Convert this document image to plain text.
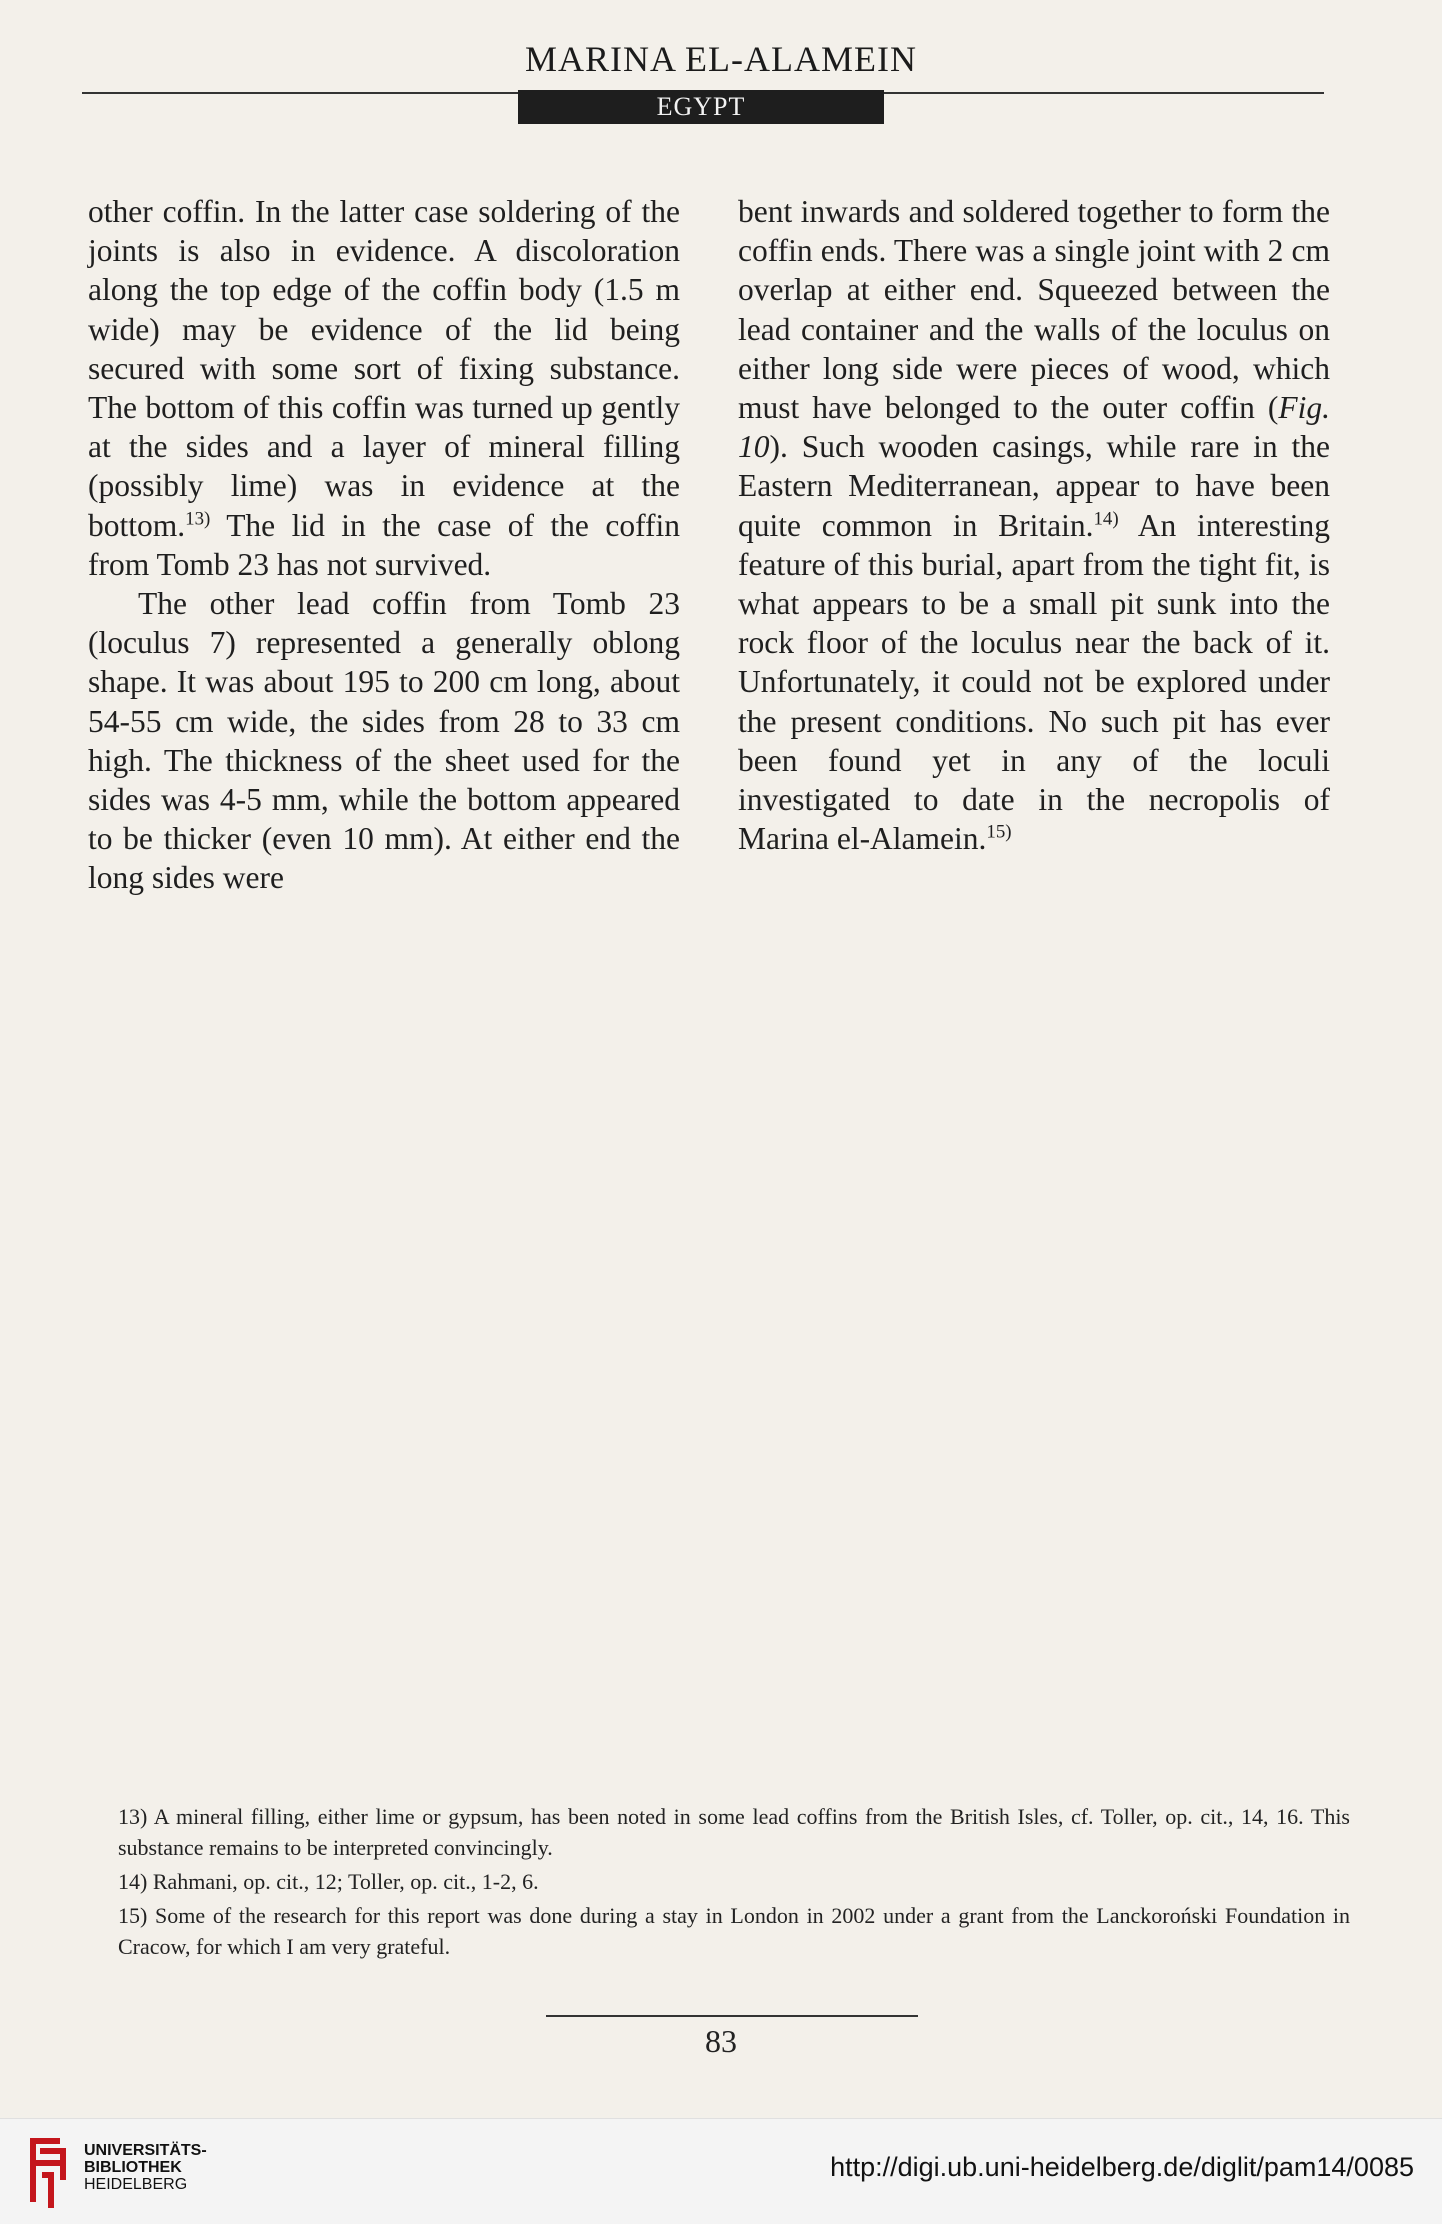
MARINA EL-ALAMEIN
EGYPT

other coffin. In the latter case soldering of the joints is also in evidence. A discoloration along the top edge of the coffin body (1.5 m wide) may be evidence of the lid being secured with some sort of fixing substance. The bottom of this coffin was turned up gently at the sides and a layer of mineral filling (possibly lime) was in evidence at the bottom.$^{13)}$ The lid in the case of the coffin from Tomb 23 has not survived.

The other lead coffin from Tomb 23 (loculus 7) represented a generally oblong shape. It was about 195 to 200 cm long, about 54-55 cm wide, the sides from 28 to 33 cm high. The thickness of the sheet used for the sides was 4-5 mm, while the bottom appeared to be thicker (even 10 mm). At either end the long sides were

bent inwards and soldered together to form the coffin ends. There was a single joint with 2 cm overlap at either end. Squeezed between the lead container and the walls of the loculus on either long side were pieces of wood, which must have belonged to the outer coffin (Fig. 10). Such wooden casings, while rare in the Eastern Mediterranean, appear to have been quite common in Britain.$^{14)}$ An interesting feature of this burial, apart from the tight fit, is what appears to be a small pit sunk into the rock floor of the loculus near the back of it. Unfortunately, it could not be explored under the present conditions. No such pit has ever been found yet in any of the loculi investigated to date in the necropolis of Marina el-Alamein.$^{15)}$

13) A mineral filling, either lime or gypsum, has been noted in some lead coffins from the British Isles, cf. Toller, op. cit., 14, 16. This substance remains to be interpreted convincingly.

14) Rahmani, op. cit., 12; Toller, op. cit., 1-2, 6.

15) Some of the research for this report was done during a stay in London in 2002 under a grant from the Lanckoroński Foundation in Cracow, for which I am very grateful.

83
UNIVERSITÄTS-
BIBLIOTHEK
HEIDELBERG
http://digi.ub.uni-heidelberg.de/diglit/pam14/0085
